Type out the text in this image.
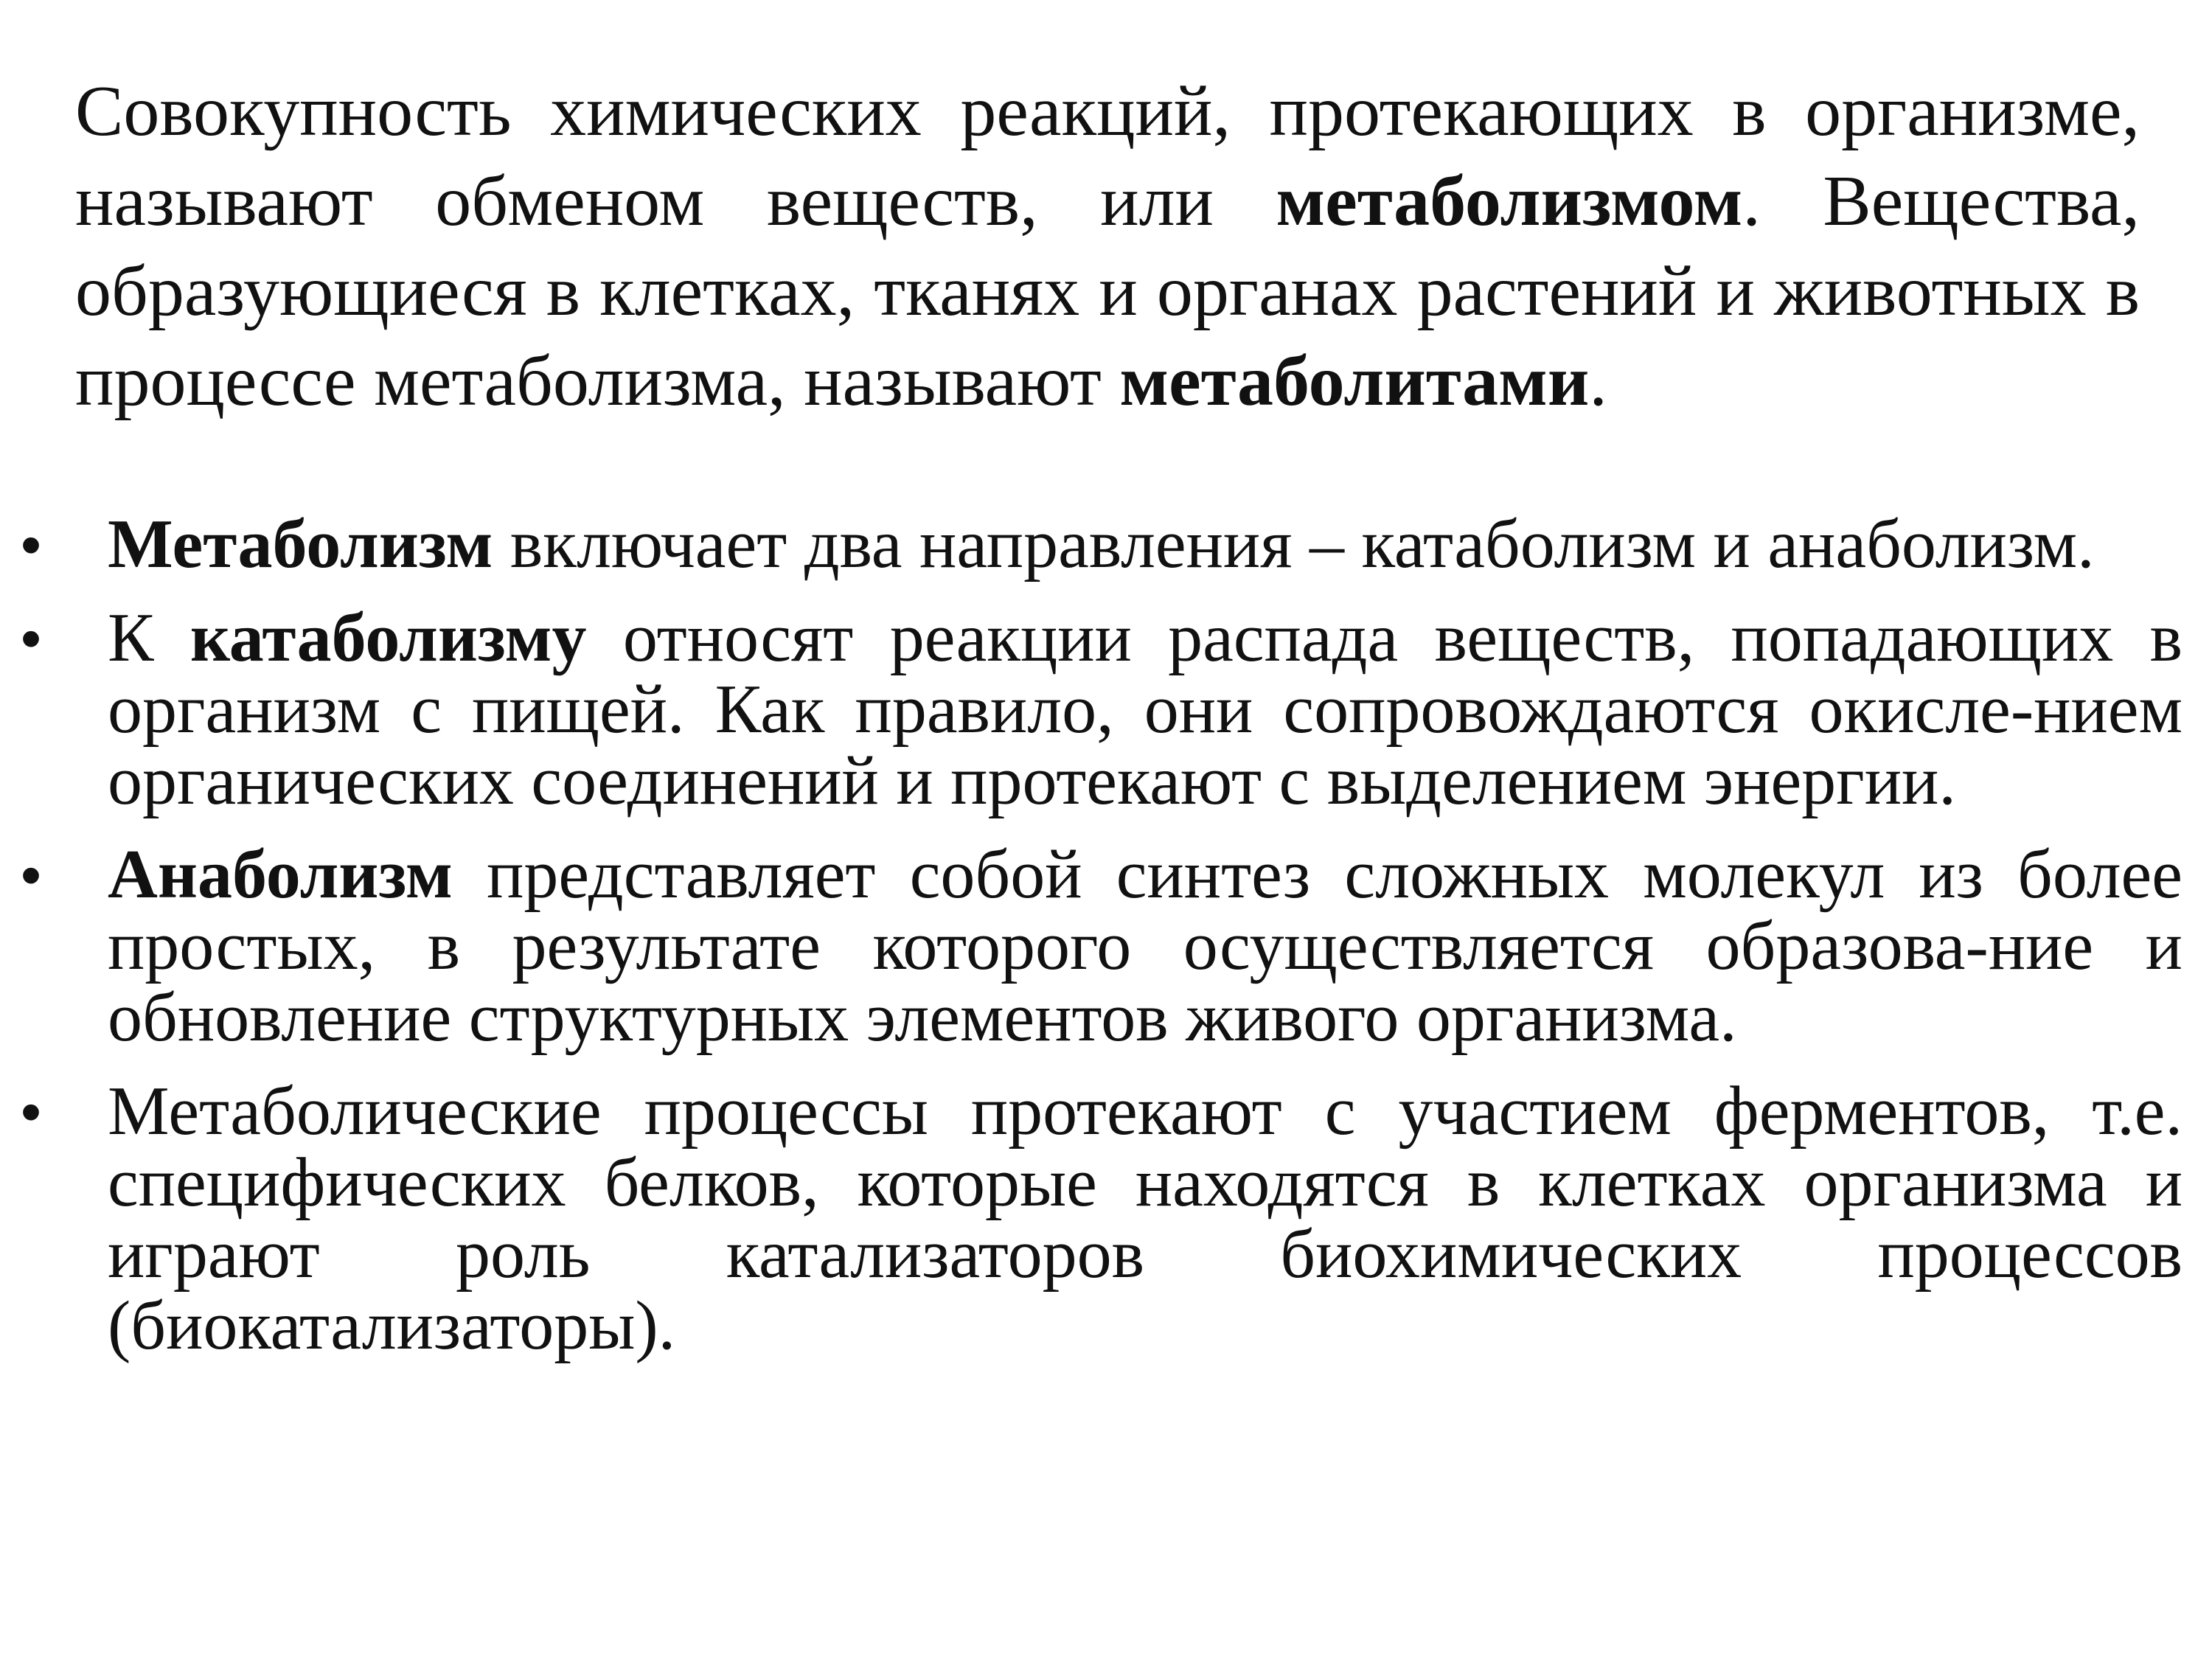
Совокупность химических реакций, протекающих в организме, называют обменом веществ, или метаболизмом. Вещества, образующиеся в клетках, тканях и органах растений и животных в процессе метаболизма, называют метаболитами.

• Метаболизм включает два направления – катаболизм и анаболизм.
• К катаболизму относят реакции распада веществ, попадающих в организм с пищей. Как правило, они сопровождаются окисле-нием органических соединений и протекают с выделением энергии.
• Анаболизм представляет собой синтез сложных молекул из более простых, в результате которого осуществляется образова-ние и обновление структурных элементов живого организма.
• Метаболические процессы протекают с участием ферментов, т.е. специфических белков, которые находятся в клетках организма и играют роль катализаторов биохимических процессов (биокатализаторы).
